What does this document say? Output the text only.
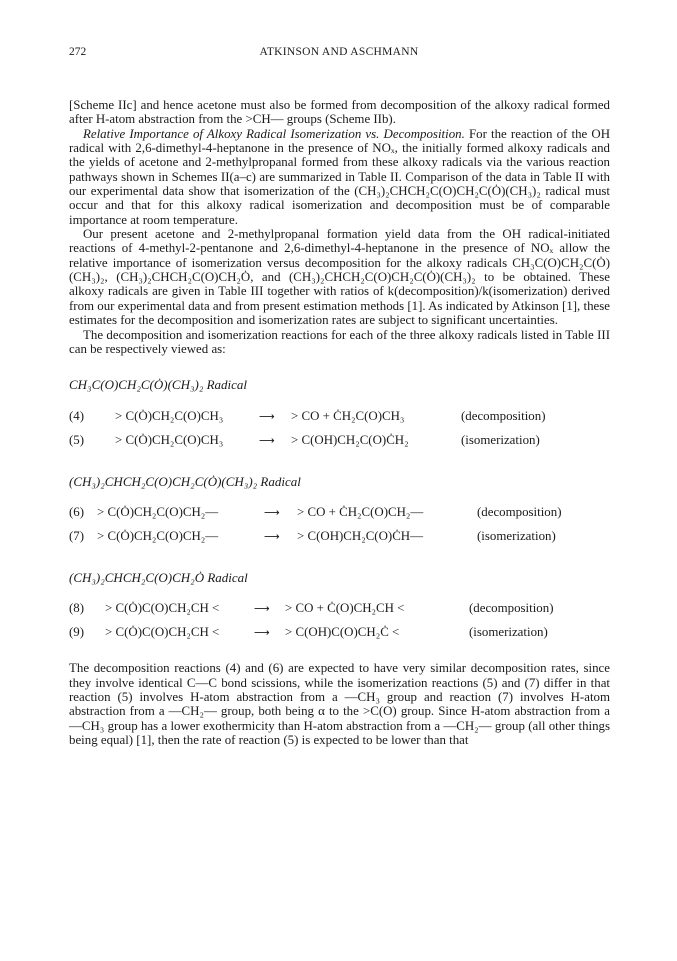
272	ATKINSON AND ASCHMANN

[Scheme IIc] and hence acetone must also be formed from decomposition of the alkoxy radical formed after H-atom abstraction from the >CH— groups (Scheme IIb).

Relative Importance of Alkoxy Radical Isomerization vs. Decomposition. For the reaction of the OH radical with 2,6-dimethyl-4-heptanone in the presence of NOₓ, the initially formed alkoxy radicals and the yields of acetone and 2-methylpropanal formed from these alkoxy radicals via the various reaction pathways shown in Schemes II(a–c) are summarized in Table II. Comparison of the data in Table II with our experimental data show that isomerization of the (CH₃)₂CHCH₂C(O)CH₂C(Ȯ)(CH₃)₂ radical must occur and that for this alkoxy radical isomerization and decomposition must be of comparable importance at room temperature.

Our present acetone and 2-methylpropanal formation yield data from the OH radical-initiated reactions of 4-methyl-2-pentanone and 2,6-dimethyl-4-heptanone in the presence of NOₓ allow the relative importance of isomerization versus decomposition for the alkoxy radicals CH₃C(O)CH₂C(Ȯ)(CH₃)₂, (CH₃)₂CHCH₂C(O)CH₂Ȯ, and (CH₃)₂CHCH₂C(O)CH₂C(Ȯ)(CH₃)₂ to be obtained. These alkoxy radicals are given in Table III together with ratios of k(decomposition)/k(isomerization) derived from our experimental data and from present estimation methods [1]. As indicated by Atkinson [1], these estimates for the decomposition and isomerization rates are subject to significant uncertainties.

The decomposition and isomerization reactions for each of the three alkoxy radicals listed in Table III can be respectively viewed as:

CH₃C(O)CH₂C(Ȯ)(CH₃)₂ Radical
(4) > C(Ȯ)CH₂C(O)CH₃	⟶ > CO + ĊH₂C(O)CH₃	(decomposition)
(5) > C(Ȯ)CH₂C(O)CH₃	⟶ > C(OH)CH₂C(O)ĊH₂	(isomerization)
(CH₃)₂CHCH₂C(O)CH₂C(Ȯ)(CH₃)₂ Radical
(6) > C(Ȯ)CH₂C(O)CH₂—	⟶ > CO + ĊH₂C(O)CH₂—	(decomposition)
(7) > C(Ȯ)CH₂C(O)CH₂—	⟶ > C(OH)CH₂C(O)ĊH—	(isomerization)
(CH₃)₂CHCH₂C(O)CH₂Ȯ Radical
(8) > C(Ȯ)C(O)CH₂CH <	⟶ > CO + Ċ(O)CH₂CH <	(decomposition)
(9) > C(Ȯ)C(O)CH₂CH <	⟶ > C(OH)C(O)CH₂Ċ <	(isomerization)

The decomposition reactions (4) and (6) are expected to have very similar decomposition rates, since they involve identical C—C bond scissions, while the isomerization reactions (5) and (7) differ in that reaction (5) involves H-atom abstraction from a —CH₃ group and reaction (7) involves H-atom abstraction from a —CH₂— group, both being α to the >C(O) group. Since H-atom abstraction from a —CH₃ group has a lower exothermicity than H-atom abstraction from a —CH₂— group (all other things being equal) [1], then the rate of reaction (5) is expected to be lower than that
